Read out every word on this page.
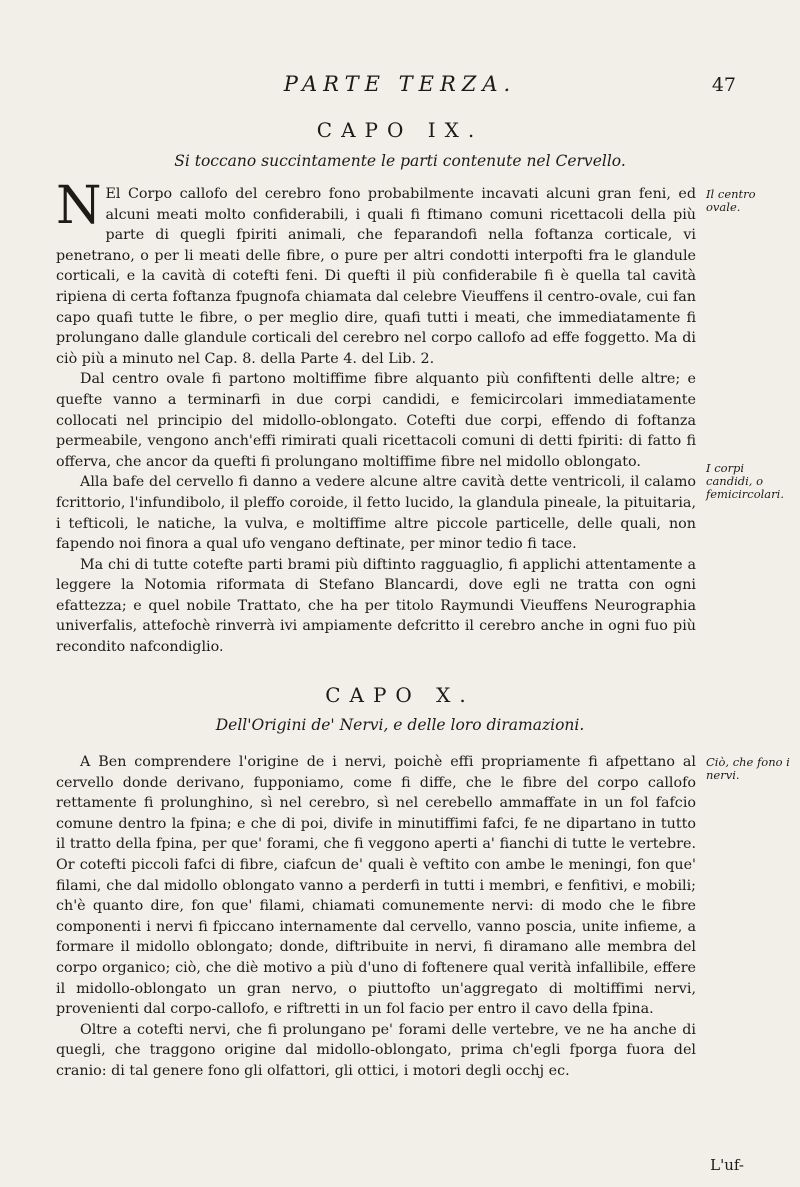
PARTE TERZA.	47
CAPO IX.
Si toccano succintamente le parti contenute nel Cervello.

N El Corpo callofo del cerebro fono probabilmente incavati alcuni gran feni, ed alcuni meati molto confiderabili, i quali fi ftimano comuni ricettacoli della più parte di quegli fpiriti animali, che feparandofi nella foftanza corticale, vi penetrano, o per li meati delle fibre, o pure per altri condotti interpofti fra le glandule corticali, e la cavità di cotefti feni. Di quefti il più confiderabile fi è quella tal cavità ripiena di certa foftanza fpugnofa chiamata dal celebre Vieuffens il centro-ovale, cui fan capo quafi tutte le fibre, o per meglio dire, quafi tutti i meati, che immediatamente fi prolungano dalle glandule corticali del cerebro nel corpo callofo ad effe foggetto. Ma di ciò più a minuto nel Cap. 8. della Parte 4. del Lib. 2.

Dal centro ovale fi partono moltiffime fibre alquanto più confiftenti delle altre; e quefte vanno a terminarfi in due corpi candidi, e femicircolari immediatamente collocati nel principio del midollo-oblongato. Cotefti due corpi, effendo di foftanza permeabile, vengono anch'effi rimirati quali ricettacoli comuni di detti fpiriti: di fatto fi offerva, che ancor da quefti fi prolungano moltiffime fibre nel midollo oblongato.

Alla bafe del cervello fi danno a vedere alcune altre cavità dette ventricoli, il calamo fcrittorio, l'infundibolo, il pleffo coroide, il fetto lucido, la glandula pineale, la pituitaria, i tefticoli, le natiche, la vulva, e moltiffime altre piccole particelle, delle quali, non fapendo noi finora a qual ufo vengano deftinate, per minor tedio fi tace.

Ma chi di tutte cotefte parti brami più diftinto ragguaglio, fi applichi attentamente a leggere la Notomia riformata di Stefano Blancardi, dove egli ne tratta con ogni efattezza; e quel nobile Trattato, che ha per titolo Raymundi Vieuffens Neurographia univerfalis, attefochè rinverrà ivi ampiamente defcritto il cerebro anche in ogni fuo più recondito nafcondiglio.

CAPO X.
Dell'Origini de' Nervi, e delle loro diramazioni.

A Ben comprendere l'origine de i nervi, poichè effi propriamente fi afpettano al cervello donde derivano, fupponiamo, come fi diffe, che le fibre del corpo callofo rettamente fi prolunghino, sì nel cerebro, sì nel cerebello ammaffate in un fol fafcio comune dentro la fpina; e che di poi, divife in minutiffimi fafci, fe ne dipartano in tutto il tratto della fpina, per que' forami, che fi veggono aperti a' fianchi di tutte le vertebre. Or cotefti piccoli fafci di fibre, ciafcun de' quali è veftito con ambe le meningi, fon que' filami, che dal midollo oblongato vanno a perderfi in tutti i membri, e fenfitivi, e mobili; ch'è quanto dire, fon que' filami, chiamati comunemente nervi: di modo che le fibre componenti i nervi fi fpiccano internamente dal cervello, vanno poscia, unite infieme, a formare il midollo oblongato; donde, diftribuite in nervi, fi diramano alle membra del corpo organico; ciò, che diè motivo a più d'uno di foftenere qual verità infallibile, effere il midollo-oblongato un gran nervo, o piuttofto un'aggregato di moltiffimi nervi, provenienti dal corpo-callofo, e riftretti in un fol facio per entro il cavo della fpina.

Oltre a cotefti nervi, che fi prolungano pe' forami delle vertebre, ve ne ha anche di quegli, che traggono origine dal midollo-oblongato, prima ch'egli fporga fuora del cranio: di tal genere fono gli olfattori, gli ottici, i motori degli occhj ec.

Il centro ovale.
I corpi candidi, o femicircolari.
Ciò, che fono i nervi.
L'uf-
